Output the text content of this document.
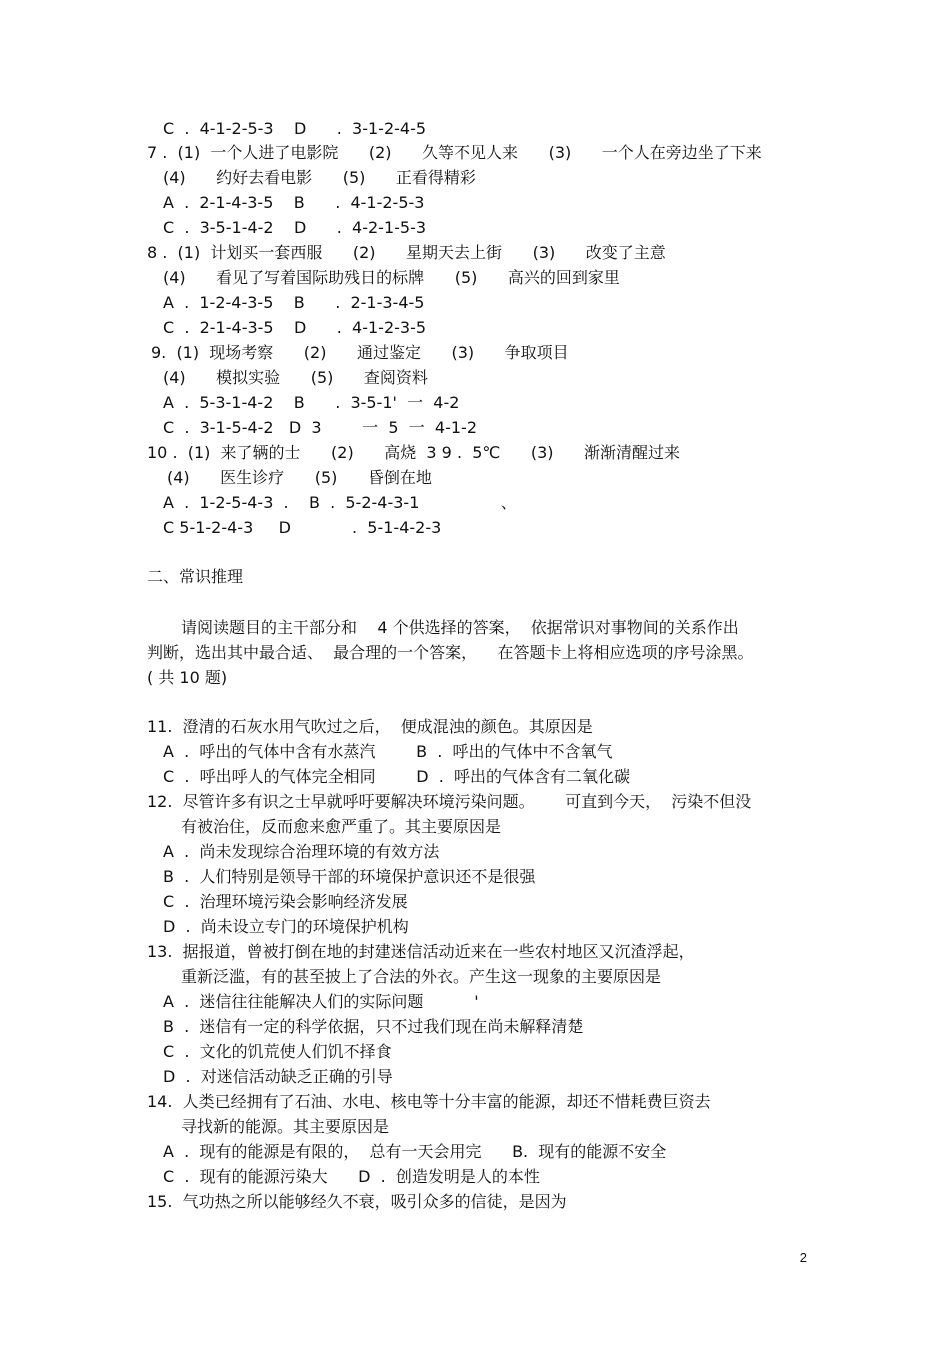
C  .  4-1-2-5-3    D      .  3-1-2-4-5
7 .  (1)  一个人进了电影院      (2)      久等不见人来      (3)      一个人在旁边坐了下来
(4)      约好去看电影      (5)      正看得精彩
A  .  2-1-4-3-5    B      .  4-1-2-5-3
C  .  3-5-1-4-2    D      .  4-2-1-5-3
8 .  (1)  计划买一套西服      (2)      星期天去上街      (3)      改变了主意
(4)      看见了写着国际助残日的标牌      (5)      高兴的回到家里
A  .  1-2-4-3-5    B      .  2-1-3-4-5
C  .  2-1-4-3-5    D      .  4-1-2-3-5
9.  (1)  现场考察      (2)      通过鉴定      (3)      争取项目
(4)      模拟实验      (5)      查阅资料
A  .  5-3-1-4-2    B      .  3-5-1'  一  4-2
C  .  3-1-5-4-2   D  3        一  5  一  4-1-2
10 .  (1)  来了辆的士      (2)      高烧  3 9 .  5℃      (3)      渐渐清醒过来
(4)      医生诊疗      (5)      昏倒在地
A  .  1-2-5-4-3  .    B  .  5-2-4-3-1                、
C 5-1-2-4-3     D            .  5-1-4-2-3
二、常识推理
请阅读题目的主干部分和    4 个供选择的答案，  依据常识对事物间的关系作出
判断，选出其中最合适、  最合理的一个答案，    在答题卡上将相应选项的序号涂黑。
( 共 10 题)
11.  澄清的石灰水用气吹过之后，  便成混浊的颜色。其原因是
A  .  呼出的气体中含有水蒸汽        B  .  呼出的气体中不含氧气
C  .  呼出呼人的气体完全相同        D  .  呼出的气体含有二氧化碳
12.  尽管许多有识之士早就呼吁要解决环境污染问题。      可直到今天，  污染不但没
有被治住，反而愈来愈严重了。其主要原因是
A  .  尚未发现综合治理环境的有效方法
B  .  人们特别是领导干部的环境保护意识还不是很强
C  .  治理环境污染会影响经济发展
D  .  尚未设立专门的环境保护机构
13.  据报道，曾被打倒在地的封建迷信活动近来在一些农村地区又沉渣浮起，
重新泛滥，有的甚至披上了合法的外衣。产生这一现象的主要原因是
A  .  迷信往往能解决人们的实际问题          '
B  .  迷信有一定的科学依据，只不过我们现在尚未解释清楚
C  .  文化的饥荒使人们饥不择食
D  .  对迷信活动缺乏正确的引导
14.  人类已经拥有了石油、水电、核电等十分丰富的能源，却还不惜耗费巨资去
寻找新的能源。其主要原因是
A  .  现有的能源是有限的，  总有一天会用完      B.  现有的能源不安全
C  .  现有的能源污染大      D  .  创造发明是人的本性
15.  气功热之所以能够经久不衰，吸引众多的信徒，是因为
2
